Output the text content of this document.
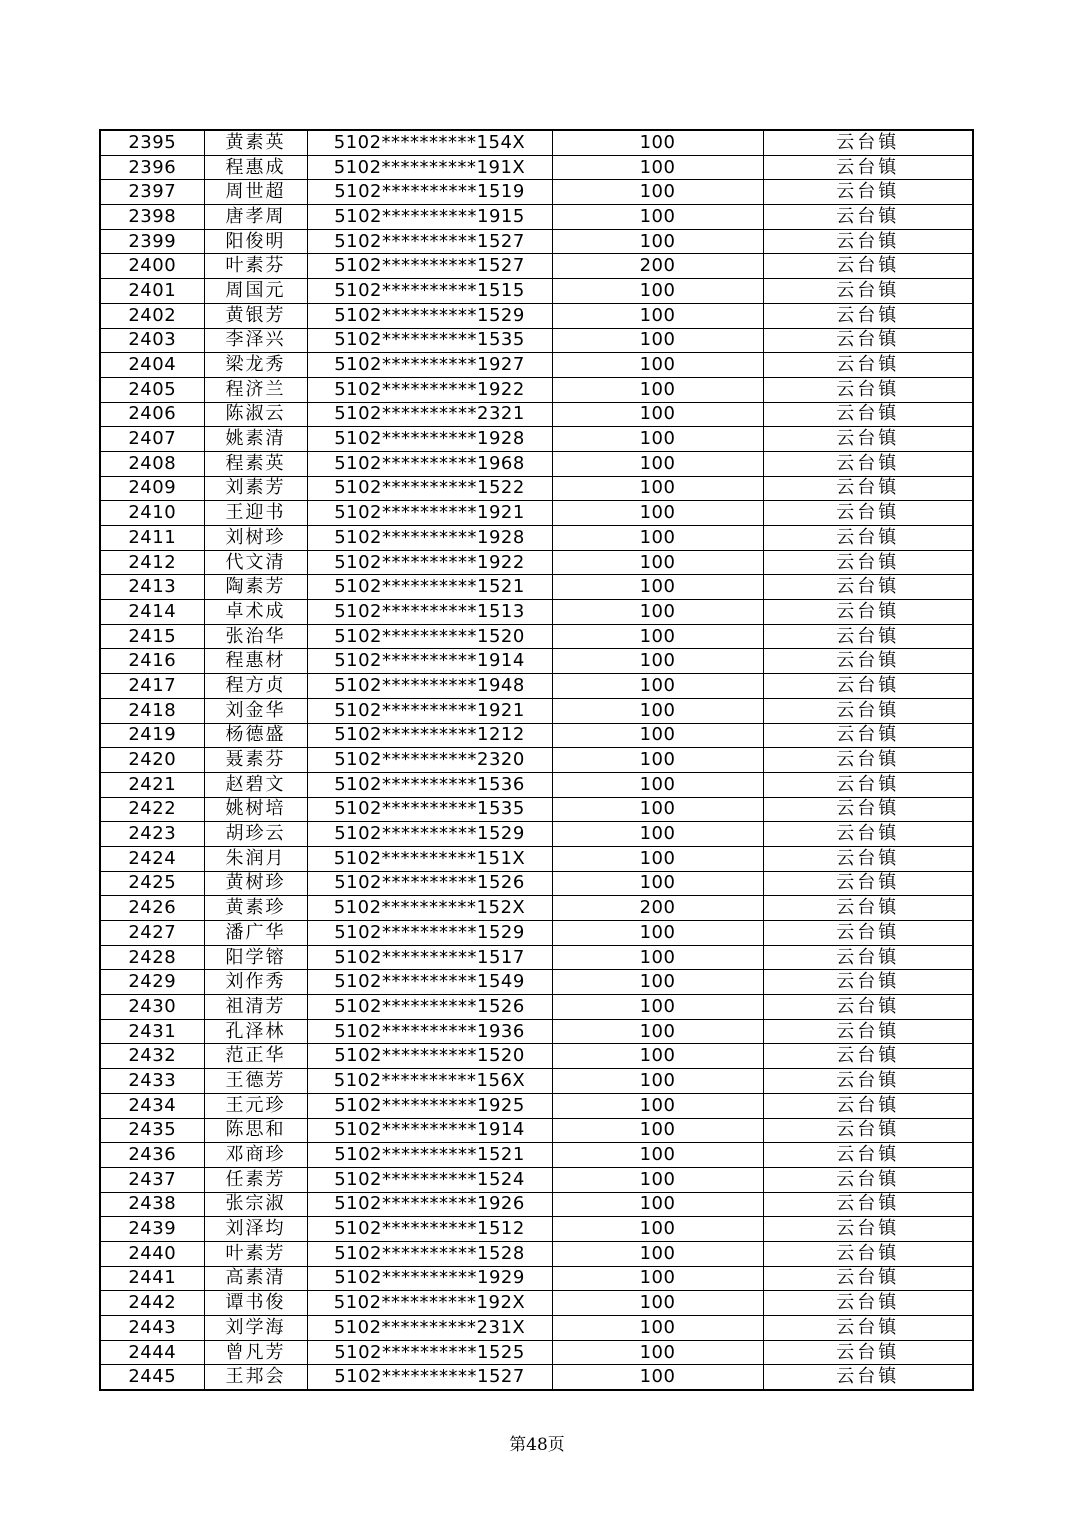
2395	黄素英	5102**********154X	100	云台镇
2396	程惠成	5102**********191X	100	云台镇
2397	周世超	5102**********1519	100	云台镇
2398	唐孝周	5102**********1915	100	云台镇
2399	阳俊明	5102**********1527	100	云台镇
2400	叶素芬	5102**********1527	200	云台镇
2401	周国元	5102**********1515	100	云台镇
2402	黄银芳	5102**********1529	100	云台镇
2403	李泽兴	5102**********1535	100	云台镇
2404	梁龙秀	5102**********1927	100	云台镇
2405	程济兰	5102**********1922	100	云台镇
2406	陈淑云	5102**********2321	100	云台镇
2407	姚素清	5102**********1928	100	云台镇
2408	程素英	5102**********1968	100	云台镇
2409	刘素芳	5102**********1522	100	云台镇
2410	王迎书	5102**********1921	100	云台镇
2411	刘树珍	5102**********1928	100	云台镇
2412	代文清	5102**********1922	100	云台镇
2413	陶素芳	5102**********1521	100	云台镇
2414	卓术成	5102**********1513	100	云台镇
2415	张治华	5102**********1520	100	云台镇
2416	程惠材	5102**********1914	100	云台镇
2417	程方贞	5102**********1948	100	云台镇
2418	刘金华	5102**********1921	100	云台镇
2419	杨德盛	5102**********1212	100	云台镇
2420	聂素芬	5102**********2320	100	云台镇
2421	赵碧文	5102**********1536	100	云台镇
2422	姚树培	5102**********1535	100	云台镇
2423	胡珍云	5102**********1529	100	云台镇
2424	朱润月	5102**********151X	100	云台镇
2425	黄树珍	5102**********1526	100	云台镇
2426	黄素珍	5102**********152X	200	云台镇
2427	潘广华	5102**********1529	100	云台镇
2428	阳学镕	5102**********1517	100	云台镇
2429	刘作秀	5102**********1549	100	云台镇
2430	祖清芳	5102**********1526	100	云台镇
2431	孔泽林	5102**********1936	100	云台镇
2432	范正华	5102**********1520	100	云台镇
2433	王德芳	5102**********156X	100	云台镇
2434	王元珍	5102**********1925	100	云台镇
2435	陈思和	5102**********1914	100	云台镇
2436	邓商珍	5102**********1521	100	云台镇
2437	任素芳	5102**********1524	100	云台镇
2438	张宗淑	5102**********1926	100	云台镇
2439	刘泽均	5102**********1512	100	云台镇
2440	叶素芳	5102**********1528	100	云台镇
2441	高素清	5102**********1929	100	云台镇
2442	谭书俊	5102**********192X	100	云台镇
2443	刘学海	5102**********231X	100	云台镇
2444	曾凡芳	5102**********1525	100	云台镇
2445	王邦会	5102**********1527	100	云台镇
第48页
